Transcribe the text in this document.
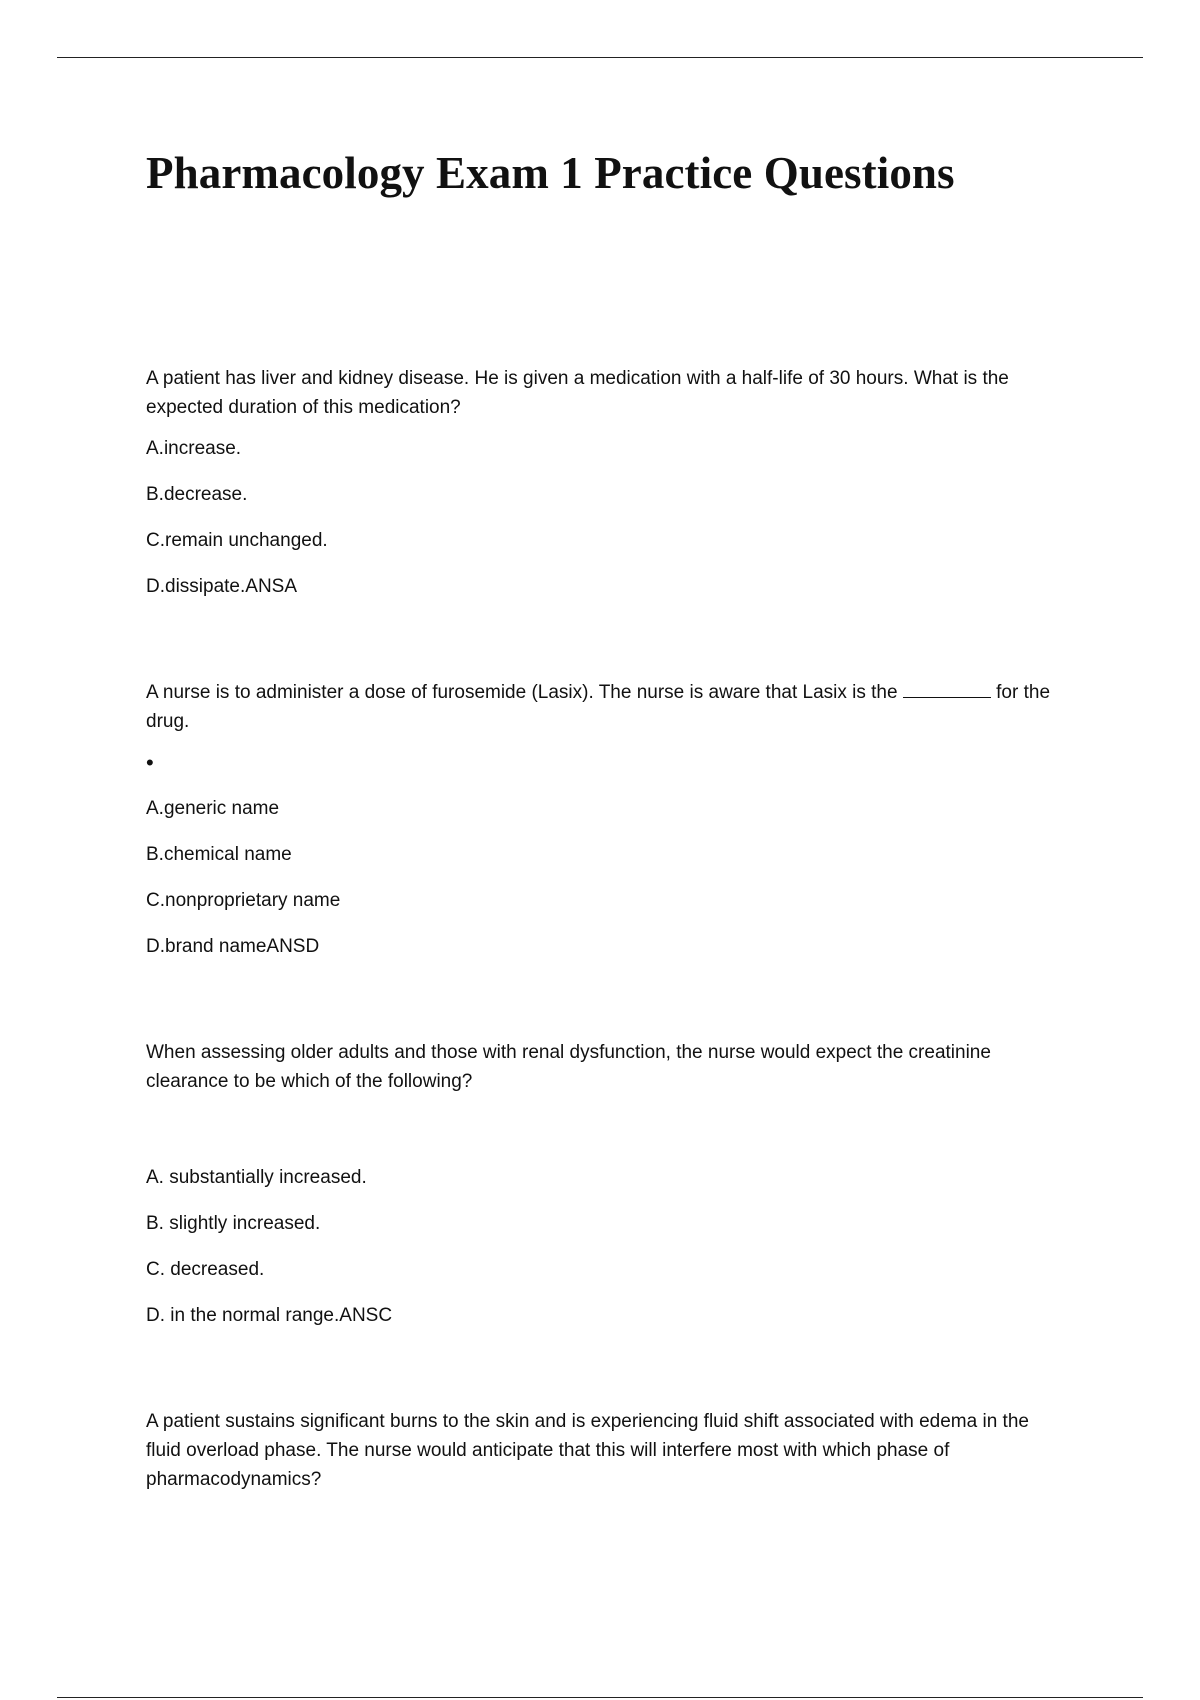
Pharmacology Exam 1 Practice Questions

A patient has liver and kidney disease. He is given a medication with a half-life of 30 hours. What is the expected duration of this medication?

A.increase.

B.decrease.

C.remain unchanged.

D.dissipate.ANSA

A nurse is to administer a dose of furosemide (Lasix). The nurse is aware that Lasix is the	for the drug.

•

A.generic name

B.chemical name

C.nonproprietary name

D.brand nameANSD

When assessing older adults and those with renal dysfunction, the nurse would expect the creatinine clearance to be which of the following?

A. substantially increased.

B. slightly increased.

C. decreased.

D. in the normal range.ANSC

A patient sustains significant burns to the skin and is experiencing fluid shift associated with edema in the fluid overload phase. The nurse would anticipate that this will interfere most with which phase of pharmacodynamics?
